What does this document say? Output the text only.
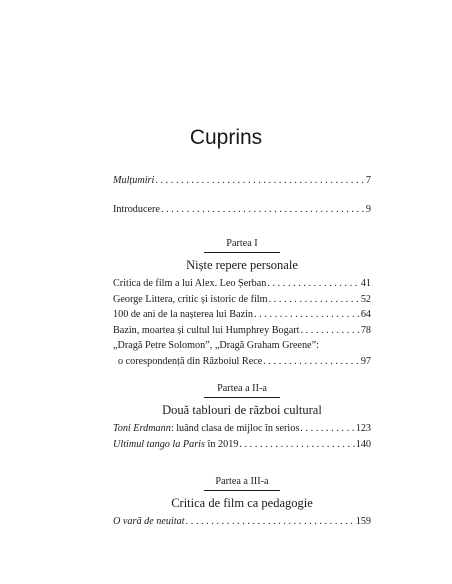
Cuprins
Mulțumiri .....	7
Introducere .....	9
Partea I
Niște repere personale
Critica de film a lui Alex. Leo Șerban .....	41
George Littera, critic și istoric de film .....	52
100 de ani de la nașterea lui Bazin .....	64
Bazin, moartea și cultul lui Humphrey Bogart .....	78
„Dragă Petre Solomon”, „Dragă Graham Greene”:
o corespondență din Războiul Rece .....	97
Partea a II-a
Două tablouri de război cultural
Toni Erdmann: luând clasa de mijloc în serios .....	123
Ultimul tango la Paris în 2019 .....	140
Partea a III-a
Critica de film ca pedagogie
O vară de neuitat .....	159
